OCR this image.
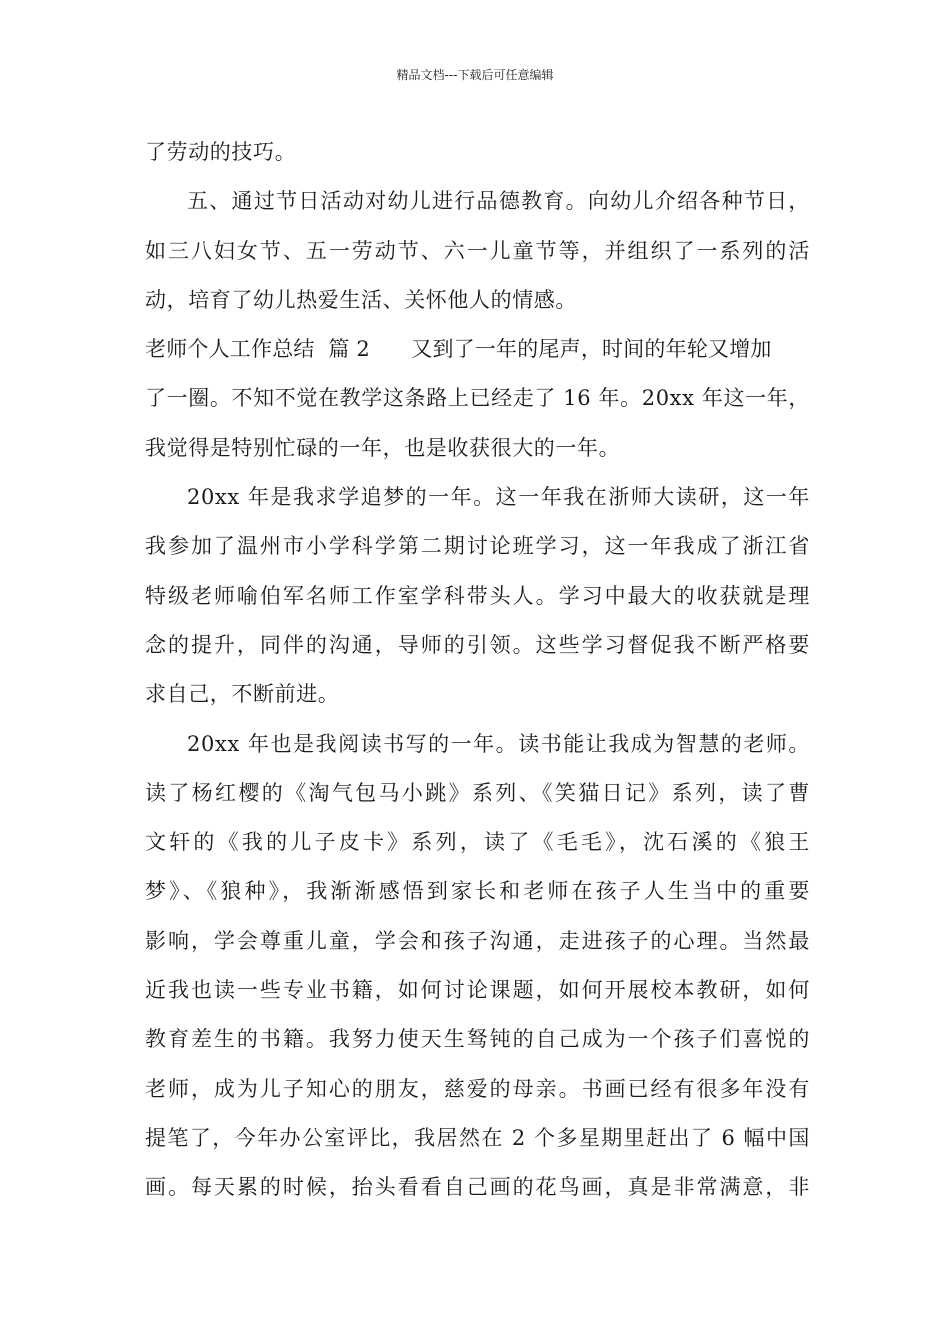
精品文档---下载后可任意编辑
了劳动的技巧。
五、通过节日活动对幼儿进行品德教育。向幼儿介绍各种节日，
如三八妇女节、五一劳动节、六一儿童节等，并组织了一系列的活
动，培育了幼儿热爱生活、关怀他人的情感。
老师个人工作总结  篇 2      又到了一年的尾声，时间的年轮又增加
了一圈。不知不觉在教学这条路上已经走了 16 年。20xx 年这一年，
我觉得是特别忙碌的一年，也是收获很大的一年。
20xx 年是我求学追梦的一年。这一年我在浙师大读研，这一年
我参加了温州市小学科学第二期讨论班学习，这一年我成了浙江省
特级老师喻伯军名师工作室学科带头人。学习中最大的收获就是理
念的提升，同伴的沟通，导师的引领。这些学习督促我不断严格要
求自己，不断前进。
20xx 年也是我阅读书写的一年。读书能让我成为智慧的老师。
读了杨红樱的《淘气包马小跳》系列、《笑猫日记》系列，读了曹
文轩的《我的儿子皮卡》系列，读了《毛毛》，沈石溪的《狼王
梦》、《狼种》，我渐渐感悟到家长和老师在孩子人生当中的重要
影响，学会尊重儿童，学会和孩子沟通，走进孩子的心理。当然最
近我也读一些专业书籍，如何讨论课题，如何开展校本教研，如何
教育差生的书籍。我努力使天生驽钝的自己成为一个孩子们喜悦的
老师，成为儿子知心的朋友，慈爱的母亲。书画已经有很多年没有
提笔了，今年办公室评比，我居然在 2 个多星期里赶出了 6 幅中国
画。每天累的时候，抬头看看自己画的花鸟画，真是非常满意，非
